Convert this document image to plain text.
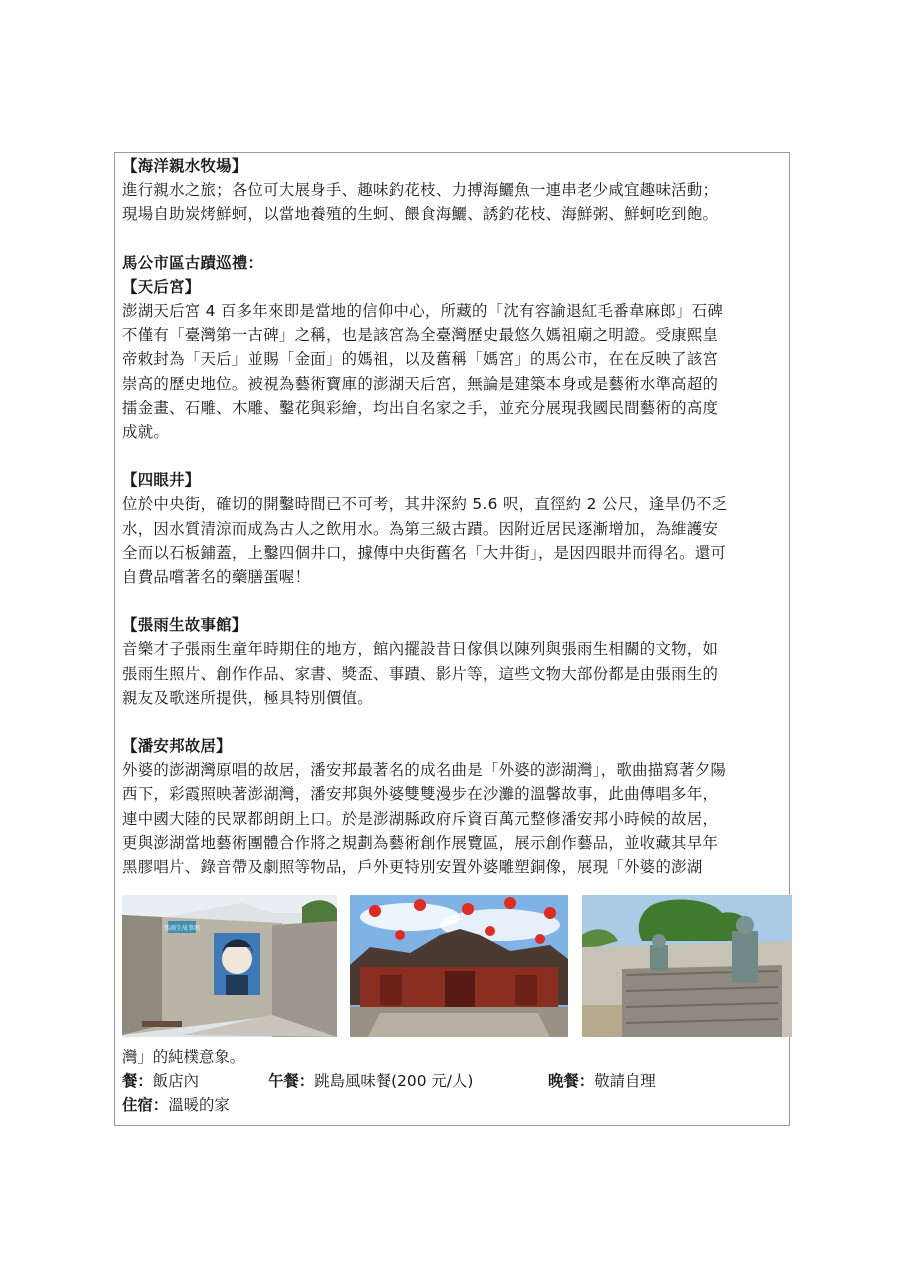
【海洋親水牧場】

進行親水之旅；各位可大展身手、趣味釣花枝、力搏海鱺魚一連串老少咸宜趣味活動；

現場自助炭烤鮮蚵，以當地養殖的生蚵、餵食海鱺、誘釣花枝、海鮮粥、鮮蚵吃到飽。

馬公市區古蹟巡禮：

【天后宮】

澎湖天后宮 4 百多年來即是當地的信仰中心，所藏的「沈有容諭退紅毛番韋麻郎」石碑

不僅有「臺灣第一古碑」之稱，也是該宮為全臺灣歷史最悠久媽祖廟之明證。受康熙皇

帝敕封為「天后」並賜「金面」的媽祖，以及舊稱「媽宮」的馬公市，在在反映了該宮

崇高的歷史地位。被視為藝術寶庫的澎湖天后宮，無論是建築本身或是藝術水準高超的

擂金畫、石雕、木雕、鑿花與彩繪，均出自名家之手，並充分展現我國民間藝術的高度

成就。

【四眼井】

位於中央街，確切的開鑿時間已不可考，其井深約 5.6 呎，直徑約 2 公尺，逢旱仍不乏

水，因水質清涼而成為古人之飲用水。為第三級古蹟。因附近居民逐漸增加，為維護安

全而以石板鋪蓋，上鑿四個井口，據傳中央街舊名「大井街」，是因四眼井而得名。還可

自費品嚐著名的藥膳蛋喔！

【張雨生故事館】

音樂才子張雨生童年時期住的地方，館內擺設昔日傢俱以陳列與張雨生相關的文物，如

張雨生照片、創作作品、家書、獎盃、事蹟、影片等，這些文物大部份都是由張雨生的

親友及歌迷所提供，極具特別價值。

【潘安邦故居】

外婆的澎湖灣原唱的故居，潘安邦最著名的成名曲是「外婆的澎湖灣」，歌曲描寫著夕陽

西下，彩霞照映著澎湖灣，潘安邦與外婆雙雙漫步在沙灘的溫馨故事，此曲傳唱多年，

連中國大陸的民眾都朗朗上口。於是澎湖縣政府斥資百萬元整修潘安邦小時候的故居，

更與澎湖當地藝術團體合作將之規劃為藝術創作展覽區，展示創作藝品，並收藏其早年

黑膠唱片、錄音帶及劇照等物品，戶外更特別安置外婆雕塑銅像，展現「外婆的澎湖

張雨生故事館

灣」的純樸意象。

餐：飯店內	午餐：跳島風味餐(200 元/人)	晚餐：敬請自理

住宿：溫暖的家
